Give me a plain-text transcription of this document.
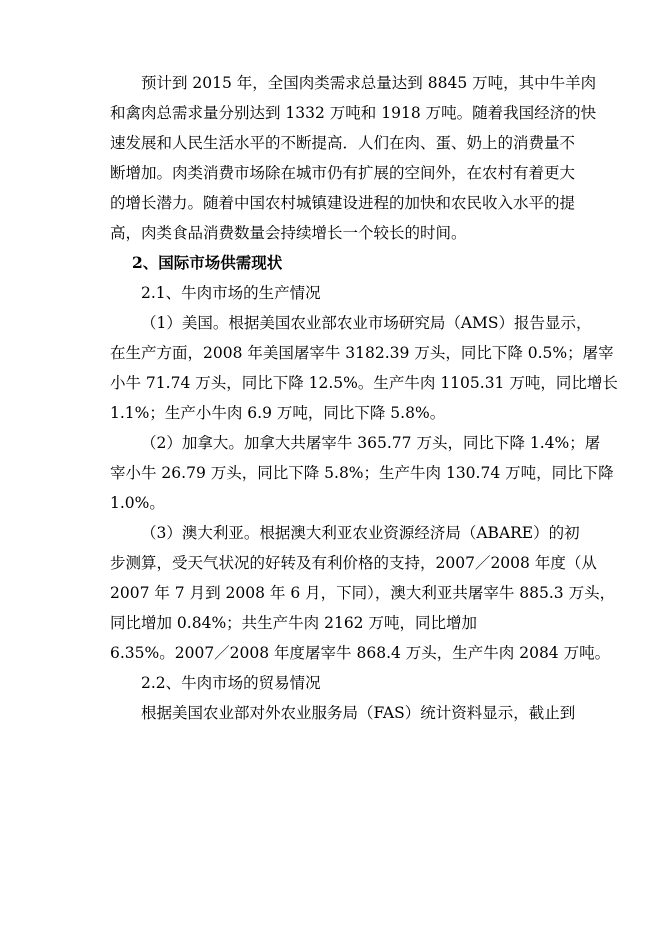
预计到 2015 年，全国肉类需求总量达到 8845 万吨，其中牛羊肉
和禽肉总需求量分别达到 1332 万吨和 1918 万吨。随着我国经济的快
速发展和人民生活水平的不断提高．人们在肉、蛋、奶上的消费量不
断增加。肉类消费市场除在城市仍有扩展的空间外，在农村有着更大
的增长潜力。随着中国农村城镇建设进程的加快和农民收入水平的提
高，肉类食品消费数量会持续增长一个较长的时间。
2、国际市场供需现状
2.1、牛肉市场的生产情况
（1）美国。根据美国农业部农业市场研究局（AMS）报告显示，
在生产方面，2008 年美国屠宰牛 3182.39 万头，同比下降 0.5%；屠宰
小牛 71.74 万头，同比下降 12.5%。生产牛肉 1105.31 万吨，同比增长
1.1%；生产小牛肉 6.9 万吨，同比下降 5.8%。
（2）加拿大。加拿大共屠宰牛 365.77 万头，同比下降 1.4%；屠
宰小牛 26.79 万头，同比下降 5.8%；生产牛肉 130.74 万吨，同比下降
1.0%。
（3）澳大利亚。根据澳大利亚农业资源经济局（ABARE）的初
步测算，受天气状况的好转及有利价格的支持，2007／2008 年度（从
2007 年 7 月到 2008 年 6 月，下同），澳大利亚共屠宰牛 885.3 万头，
同比增加 0.84%；共生产牛肉 2162 万吨，同比增加
6.35%。2007／2008 年度屠宰牛 868.4 万头，生产牛肉 2084 万吨。
2.2、牛肉市场的贸易情况
根据美国农业部对外农业服务局（FAS）统计资料显示，截止到
